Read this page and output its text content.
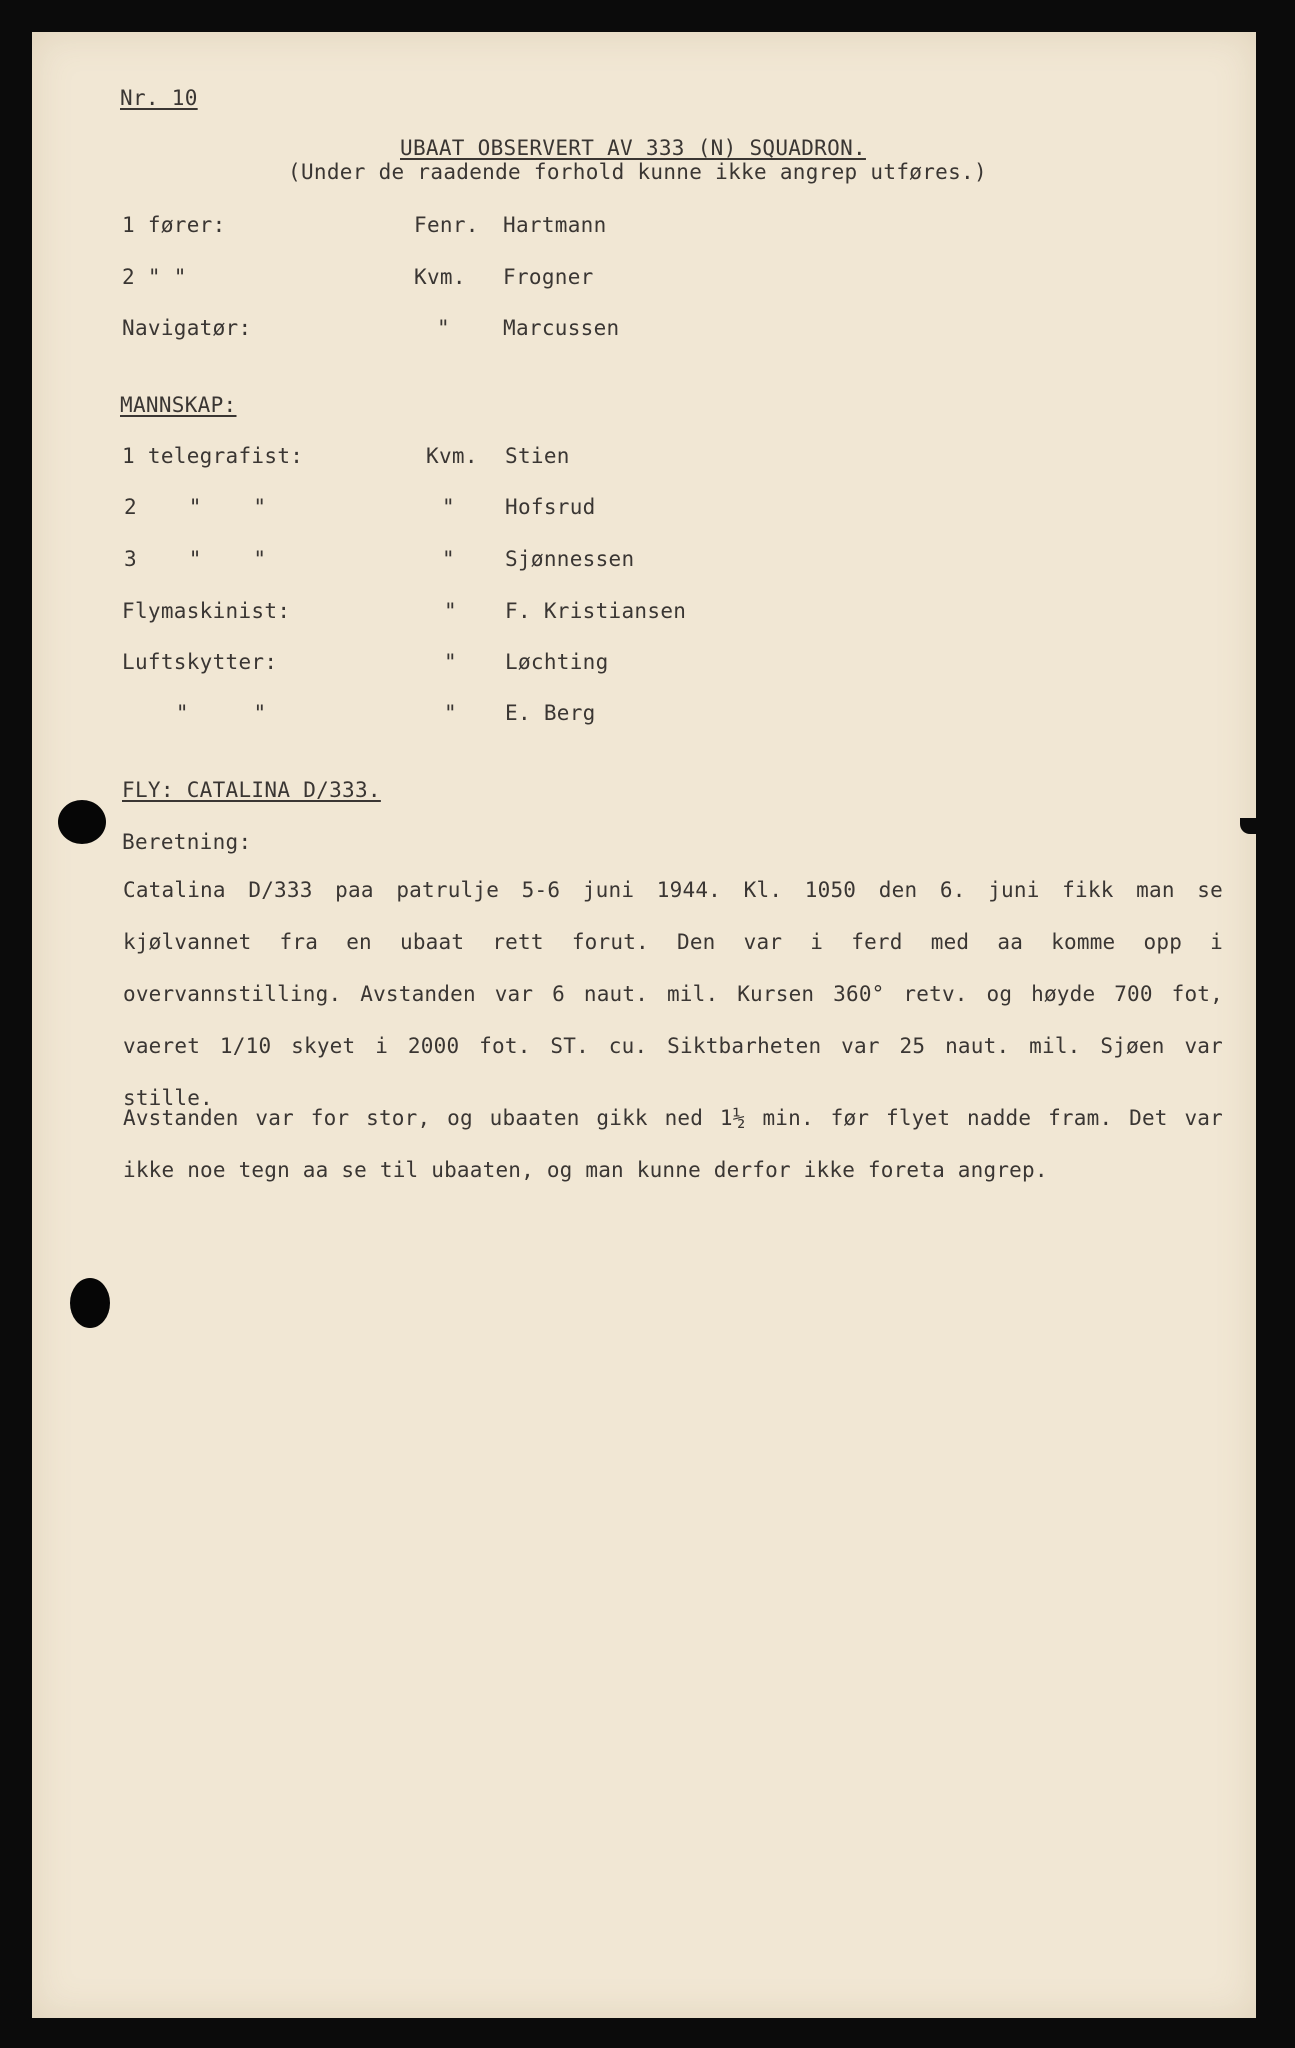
Nr. 10
UBAAT OBSERVERT AV 333 (N) SQUADRON.
(Under de raadende forhold kunne ikke angrep utføres.)
1 fører:	Fenr. Hartmann
2 " "	Kvm. Frogner
Navigatør:	"	Marcussen
MANNSKAP:
1 telegrafist:	Kvm. Stien
2    "    "	" Hofsrud
3    "    "	" Sjønnessen
Flymaskinist:	" F. Kristiansen
Luftskytter:	" Løchting
"     "	" E. Berg
FLY: CATALINA D/333.
Beretning:
Catalina D/333 paa patrulje 5-6 juni 1944. Kl. 1050 den 6. juni fikk man se kjølvannet fra en ubaat rett forut. Den var i ferd med aa komme opp i overvannstilling. Avstanden var 6 naut. mil. Kursen 360° retv. og høyde 700 fot, vaeret 1/10 skyet i 2000 fot. ST. cu. Siktbarheten var 25 naut. mil. Sjøen var stille.
Avstanden var for stor, og ubaaten gikk ned 1½ min. før flyet nadde fram. Det var ikke noe tegn aa se til ubaaten, og man kunne derfor ikke foreta angrep.
